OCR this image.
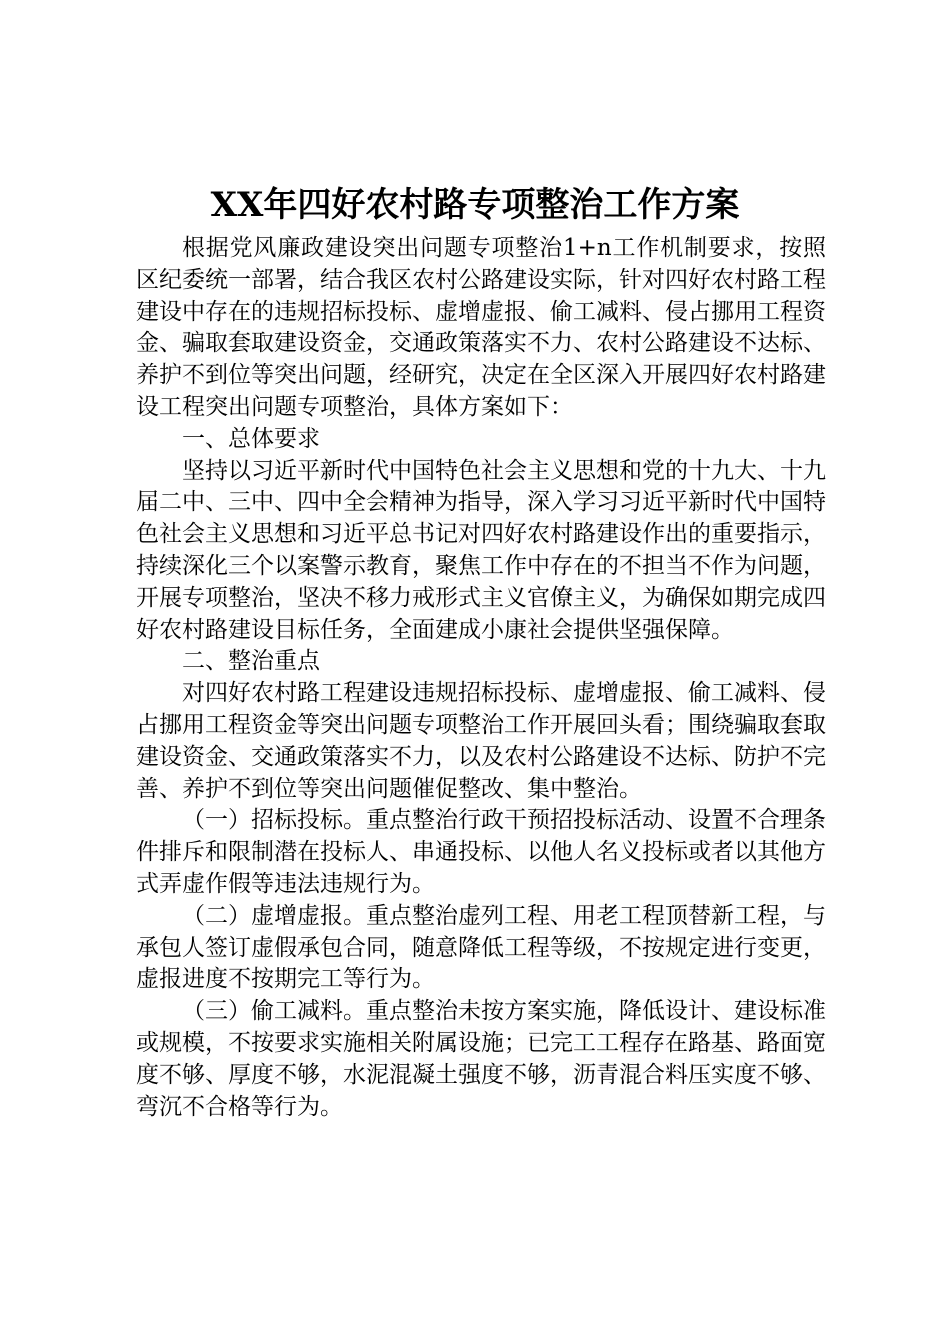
XX年四好农村路专项整治工作方案

根据党风廉政建设突出问题专项整治1+n工作机制要求，按照区纪委统一部署，结合我区农村公路建设实际，针对四好农村路工程建设中存在的违规招标投标、虚增虚报、偷工减料、侵占挪用工程资金、骗取套取建设资金，交通政策落实不力、农村公路建设不达标、养护不到位等突出问题，经研究，决定在全区深入开展四好农村路建设工程突出问题专项整治，具体方案如下：

一、总体要求

坚持以习近平新时代中国特色社会主义思想和党的十九大、十九届二中、三中、四中全会精神为指导，深入学习习近平新时代中国特色社会主义思想和习近平总书记对四好农村路建设作出的重要指示，持续深化三个以案警示教育，聚焦工作中存在的不担当不作为问题，开展专项整治，坚决不移力戒形式主义官僚主义，为确保如期完成四好农村路建设目标任务，全面建成小康社会提供坚强保障。

二、整治重点

对四好农村路工程建设违规招标投标、虚增虚报、偷工减料、侵占挪用工程资金等突出问题专项整治工作开展回头看；围绕骗取套取建设资金、交通政策落实不力，以及农村公路建设不达标、防护不完善、养护不到位等突出问题催促整改、集中整治。

（一）招标投标。重点整治行政干预招投标活动、设置不合理条件排斥和限制潜在投标人、串通投标、以他人名义投标或者以其他方式弄虚作假等违法违规行为。

（二）虚增虚报。重点整治虚列工程、用老工程顶替新工程，与承包人签订虚假承包合同，随意降低工程等级，不按规定进行变更，虚报进度不按期完工等行为。

（三）偷工减料。重点整治未按方案实施，降低设计、建设标准或规模，不按要求实施相关附属设施；已完工工程存在路基、路面宽度不够、厚度不够，水泥混凝土强度不够，沥青混合料压实度不够、弯沉不合格等行为。
